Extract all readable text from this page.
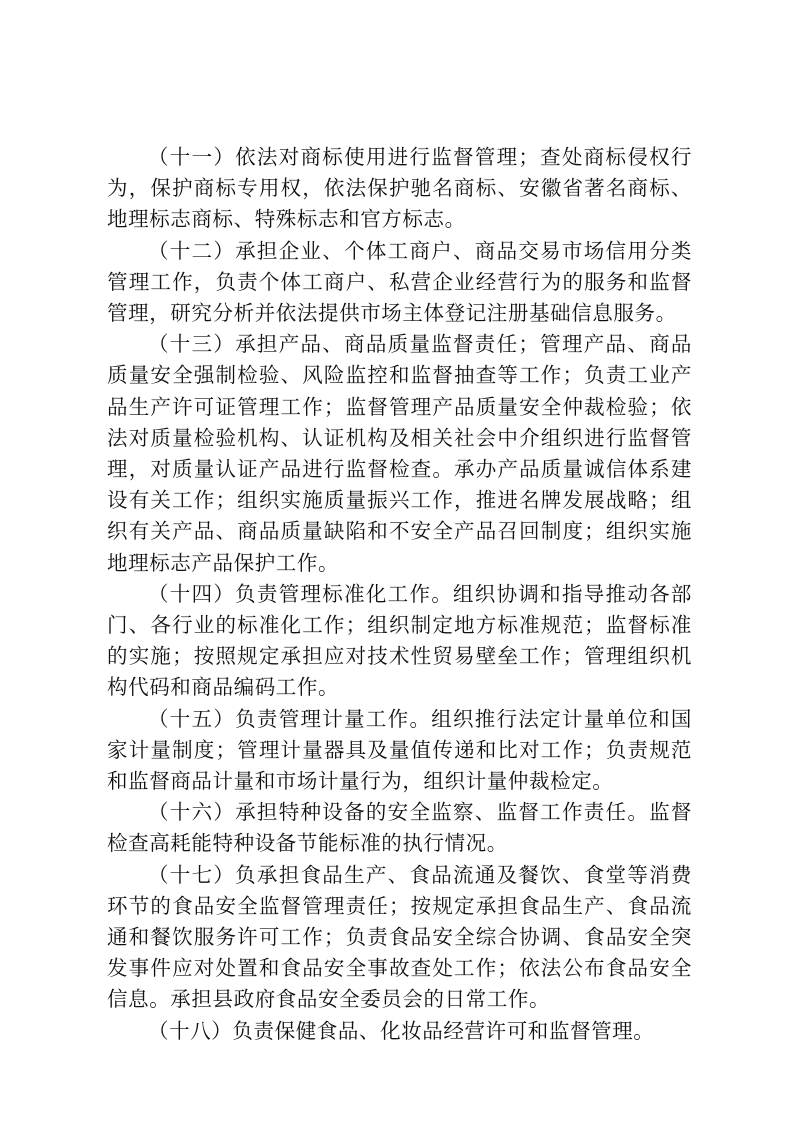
（十一）依法对商标使用进行监督管理；查处商标侵权行为，保护商标专用权，依法保护驰名商标、安徽省著名商标、地理标志商标、特殊标志和官方标志。

（十二）承担企业、个体工商户、商品交易市场信用分类管理工作，负责个体工商户、私营企业经营行为的服务和监督管理，研究分析并依法提供市场主体登记注册基础信息服务。

（十三）承担产品、商品质量监督责任；管理产品、商品质量安全强制检验、风险监控和监督抽查等工作；负责工业产品生产许可证管理工作；监督管理产品质量安全仲裁检验；依法对质量检验机构、认证机构及相关社会中介组织进行监督管理，对质量认证产品进行监督检查。承办产品质量诚信体系建设有关工作；组织实施质量振兴工作，推进名牌发展战略；组织有关产品、商品质量缺陷和不安全产品召回制度；组织实施地理标志产品保护工作。

（十四）负责管理标准化工作。组织协调和指导推动各部门、各行业的标准化工作；组织制定地方标准规范；监督标准的实施；按照规定承担应对技术性贸易壁垒工作；管理组织机构代码和商品编码工作。

（十五）负责管理计量工作。组织推行法定计量单位和国家计量制度；管理计量器具及量值传递和比对工作；负责规范和监督商品计量和市场计量行为，组织计量仲裁检定。

（十六）承担特种设备的安全监察、监督工作责任。监督检查高耗能特种设备节能标准的执行情况。

（十七）负承担食品生产、食品流通及餐饮、食堂等消费环节的食品安全监督管理责任；按规定承担食品生产、食品流通和餐饮服务许可工作；负责食品安全综合协调、食品安全突发事件应对处置和食品安全事故查处工作；依法公布食品安全信息。承担县政府食品安全委员会的日常工作。

（十八）负责保健食品、化妆品经营许可和监督管理。
